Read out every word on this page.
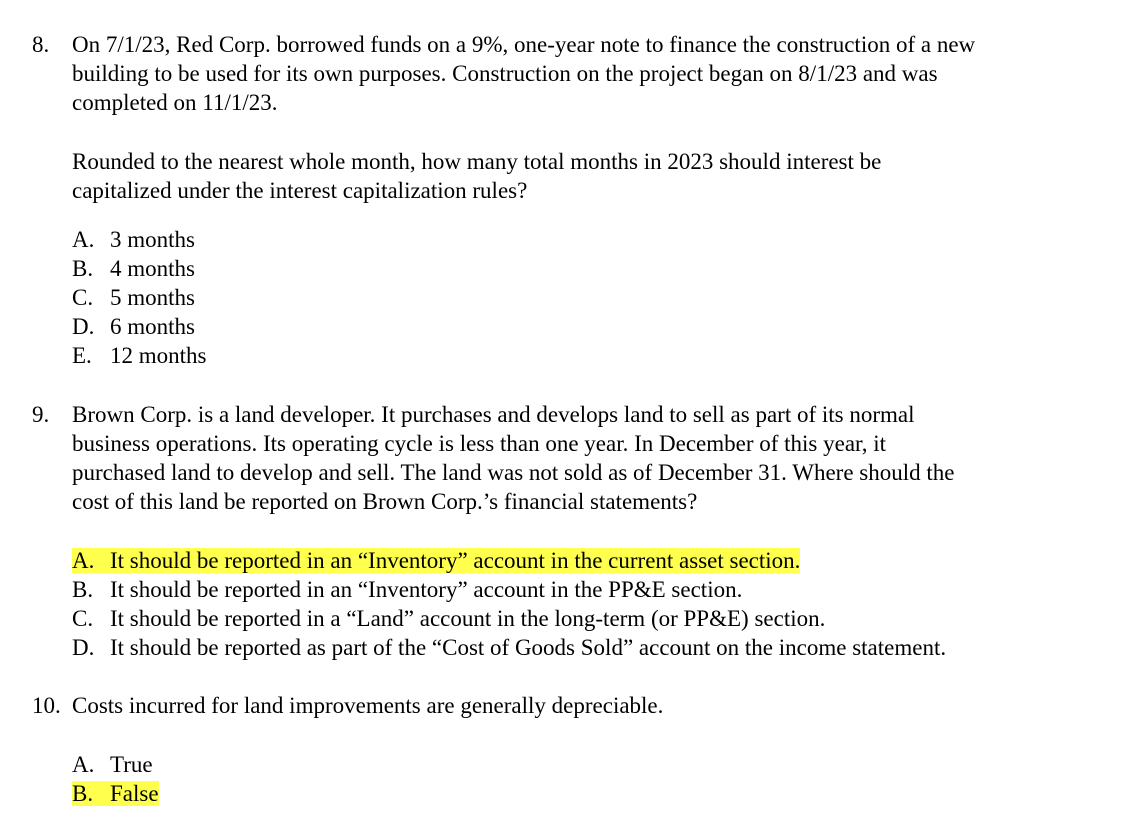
8. On 7/1/23, Red Corp. borrowed funds on a 9%, one-year note to finance the construction of a new
building to be used for its own purposes. Construction on the project began on 8/1/23 and was
completed on 11/1/23.
Rounded to the nearest whole month, how many total months in 2023 should interest be
capitalized under the interest capitalization rules?
A. 3 months
B. 4 months
C. 5 months
D. 6 months
E. 12 months
9. Brown Corp. is a land developer. It purchases and develops land to sell as part of its normal
business operations. Its operating cycle is less than one year. In December of this year, it
purchased land to develop and sell. The land was not sold as of December 31. Where should the
cost of this land be reported on Brown Corp.’s financial statements?
A. It should be reported in an “Inventory” account in the current asset section.
B. It should be reported in an “Inventory” account in the PP&E section.
C. It should be reported in a “Land” account in the long-term (or PP&E) section.
D. It should be reported as part of the “Cost of Goods Sold” account on the income statement.
10. Costs incurred for land improvements are generally depreciable.
A. True
B. False
